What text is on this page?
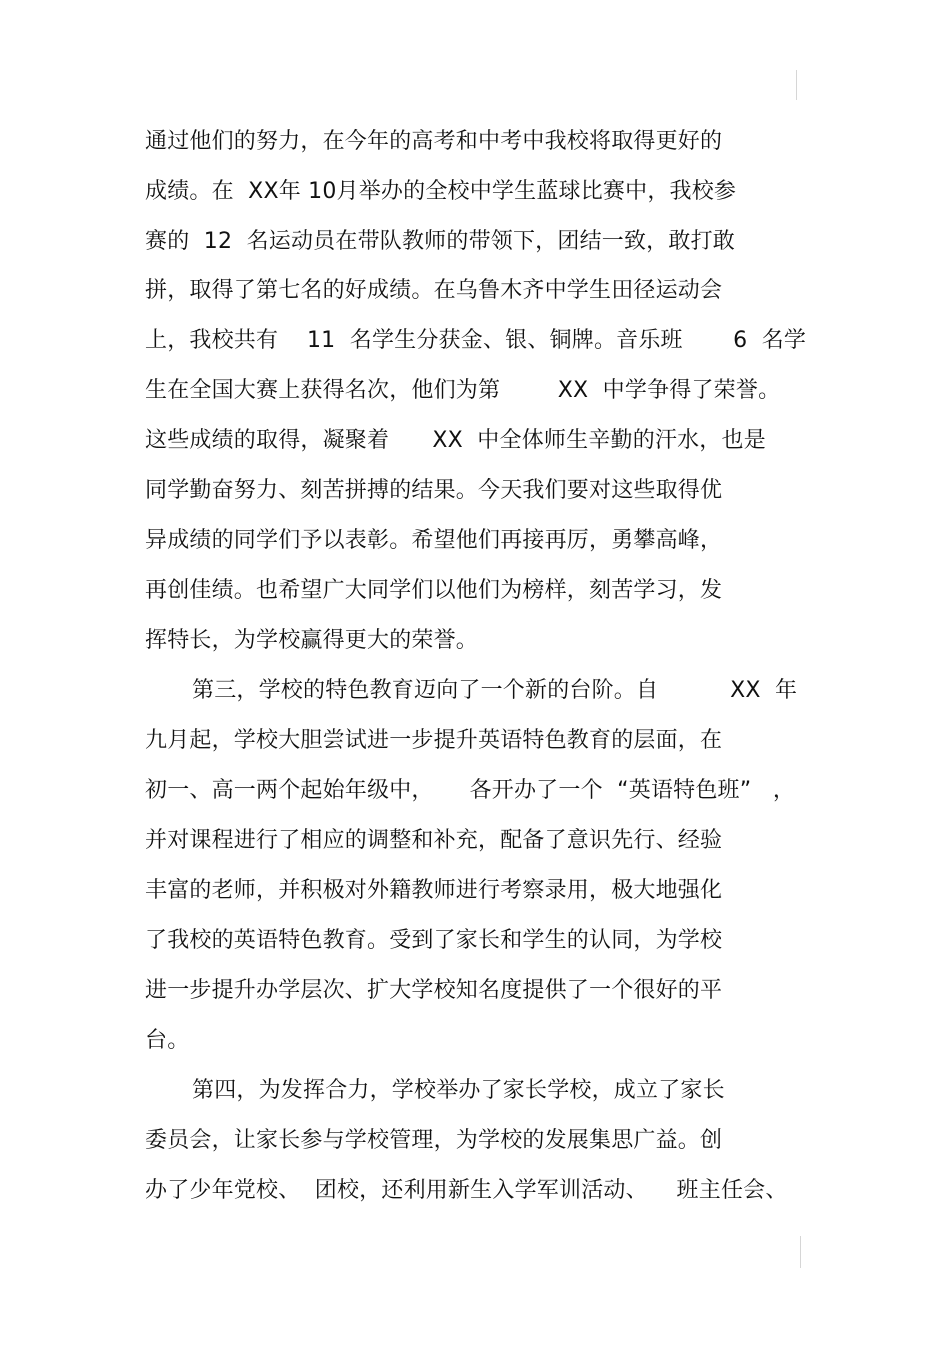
通过他们的努力，在今年的高考和中考中我校将取得更好的
成绩。在  XX年 10月举办的全校中学生蓝球比赛中，我校参
赛的  12  名运动员在带队教师的带领下，团结一致，敢打敢
拼，取得了第七名的好成绩。在乌鲁木齐中学生田径运动会
上，我校共有    11  名学生分获金、银、铜牌。音乐班       6  名学
生在全国大赛上获得名次，他们为第        XX  中学争得了荣誉。
这些成绩的取得，凝聚着      XX  中全体师生辛勤的汗水，也是
同学勤奋努力、刻苦拼搏的结果。今天我们要对这些取得优
异成绩的同学们予以表彰。希望他们再接再厉，勇攀高峰，
再创佳绩。也希望广大同学们以他们为榜样，刻苦学习，发
挥特长，为学校赢得更大的荣誉。
第三，学校的特色教育迈向了一个新的台阶。自          XX  年
九月起，学校大胆尝试进一步提升英语特色教育的层面，在
初一、高一两个起始年级中，     各开办了一个  “英语特色班”   ，
并对课程进行了相应的调整和补充，配备了意识先行、经验
丰富的老师，并积极对外籍教师进行考察录用，极大地强化
了我校的英语特色教育。受到了家长和学生的认同，为学校
进一步提升办学层次、扩大学校知名度提供了一个很好的平
台。
第四，为发挥合力，学校举办了家长学校，成立了家长
委员会，让家长参与学校管理，为学校的发展集思广益。创
办了少年党校、  团校，还利用新生入学军训活动、    班主任会、
